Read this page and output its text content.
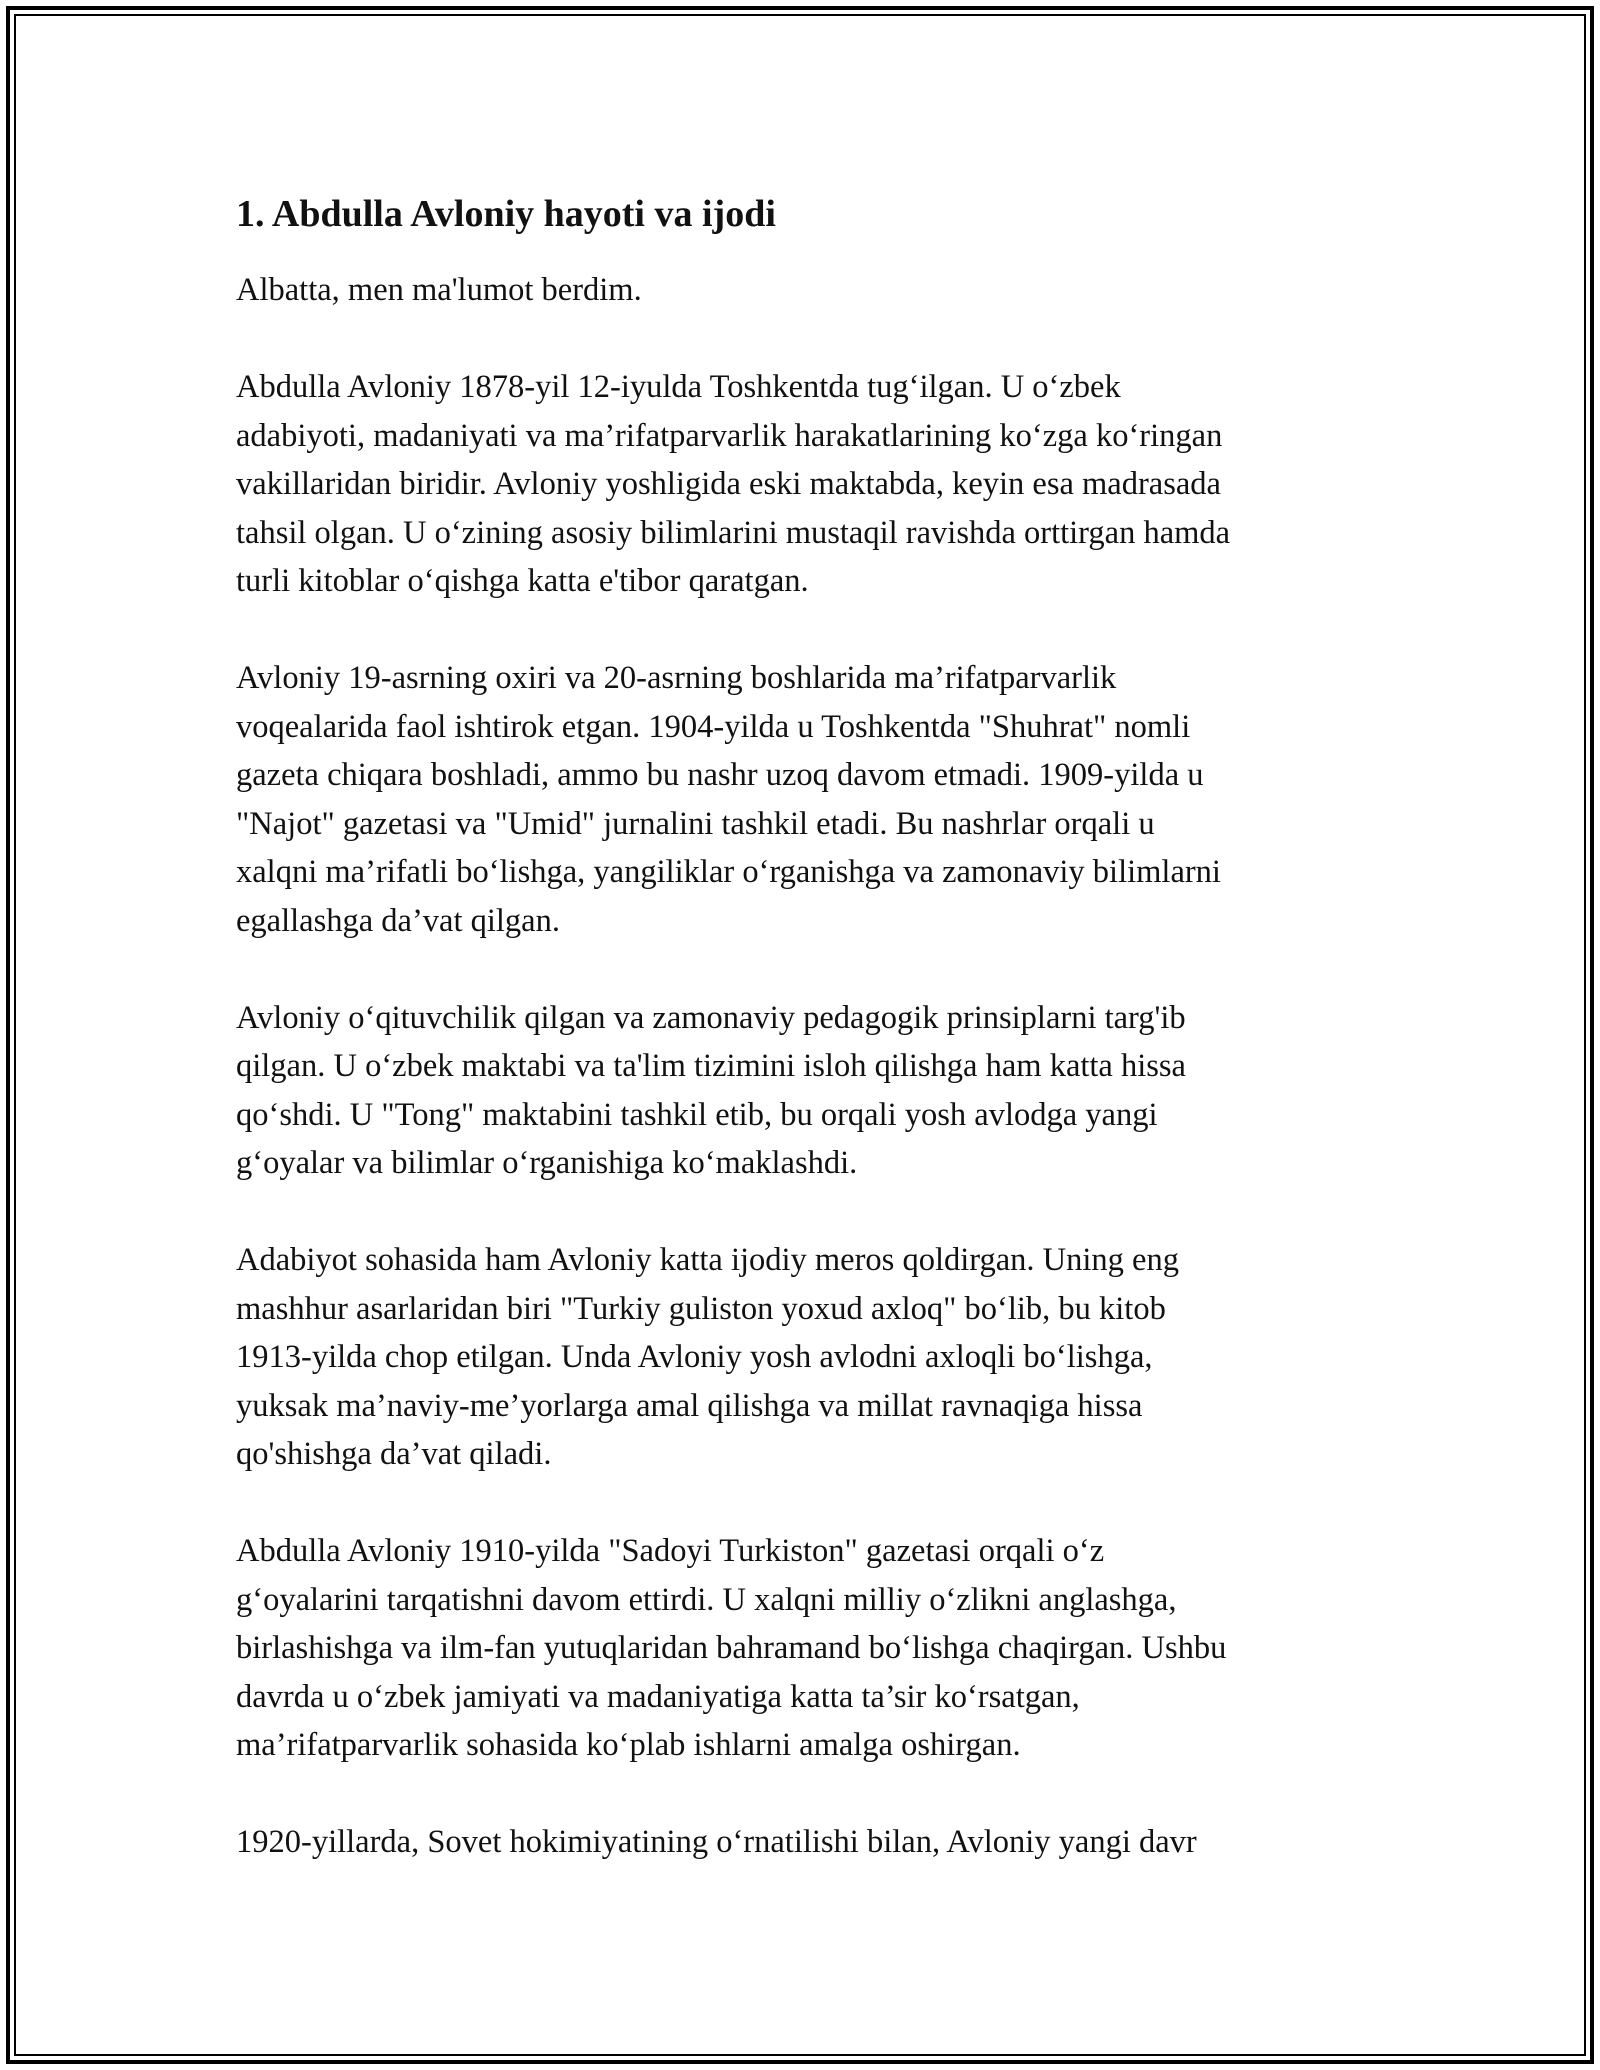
1. Abdulla Avloniy hayoti va ijodi

Albatta, men ma'lumot berdim.

Abdulla Avloniy 1878-yil 12-iyulda Toshkentda tug‘ilgan. U o‘zbek
adabiyoti, madaniyati va ma’rifatparvarlik harakatlarining ko‘zga ko‘ringan
vakillaridan biridir. Avloniy yoshligida eski maktabda, keyin esa madrasada
tahsil olgan. U o‘zining asosiy bilimlarini mustaqil ravishda orttirgan hamda
turli kitoblar o‘qishga katta e'tibor qaratgan.

Avloniy 19-asrning oxiri va 20-asrning boshlarida ma’rifatparvarlik
voqealarida faol ishtirok etgan. 1904-yilda u Toshkentda "Shuhrat" nomli
gazeta chiqara boshladi, ammo bu nashr uzoq davom etmadi. 1909-yilda u
"Najot" gazetasi va "Umid" jurnalini tashkil etadi. Bu nashrlar orqali u
xalqni ma’rifatli bo‘lishga, yangiliklar o‘rganishga va zamonaviy bilimlarni
egallashga da’vat qilgan.

Avloniy o‘qituvchilik qilgan va zamonaviy pedagogik prinsiplarni targ'ib
qilgan. U o‘zbek maktabi va ta'lim tizimini isloh qilishga ham katta hissa
qo‘shdi. U "Tong" maktabini tashkil etib, bu orqali yosh avlodga yangi
g‘oyalar va bilimlar o‘rganishiga ko‘maklashdi.

Adabiyot sohasida ham Avloniy katta ijodiy meros qoldirgan. Uning eng
mashhur asarlaridan biri "Turkiy guliston yoxud axloq" bo‘lib, bu kitob
1913-yilda chop etilgan. Unda Avloniy yosh avlodni axloqli bo‘lishga,
yuksak ma’naviy-me’yorlarga amal qilishga va millat ravnaqiga hissa
qo'shishga da’vat qiladi.

Abdulla Avloniy 1910-yilda "Sadoyi Turkiston" gazetasi orqali o‘z
g‘oyalarini tarqatishni davom ettirdi. U xalqni milliy o‘zlikni anglashga,
birlashishga va ilm-fan yutuqlaridan bahramand bo‘lishga chaqirgan. Ushbu
davrda u o‘zbek jamiyati va madaniyatiga katta ta’sir ko‘rsatgan,
ma’rifatparvarlik sohasida ko‘plab ishlarni amalga oshirgan.

1920-yillarda, Sovet hokimiyatining o‘rnatilishi bilan, Avloniy yangi davr
